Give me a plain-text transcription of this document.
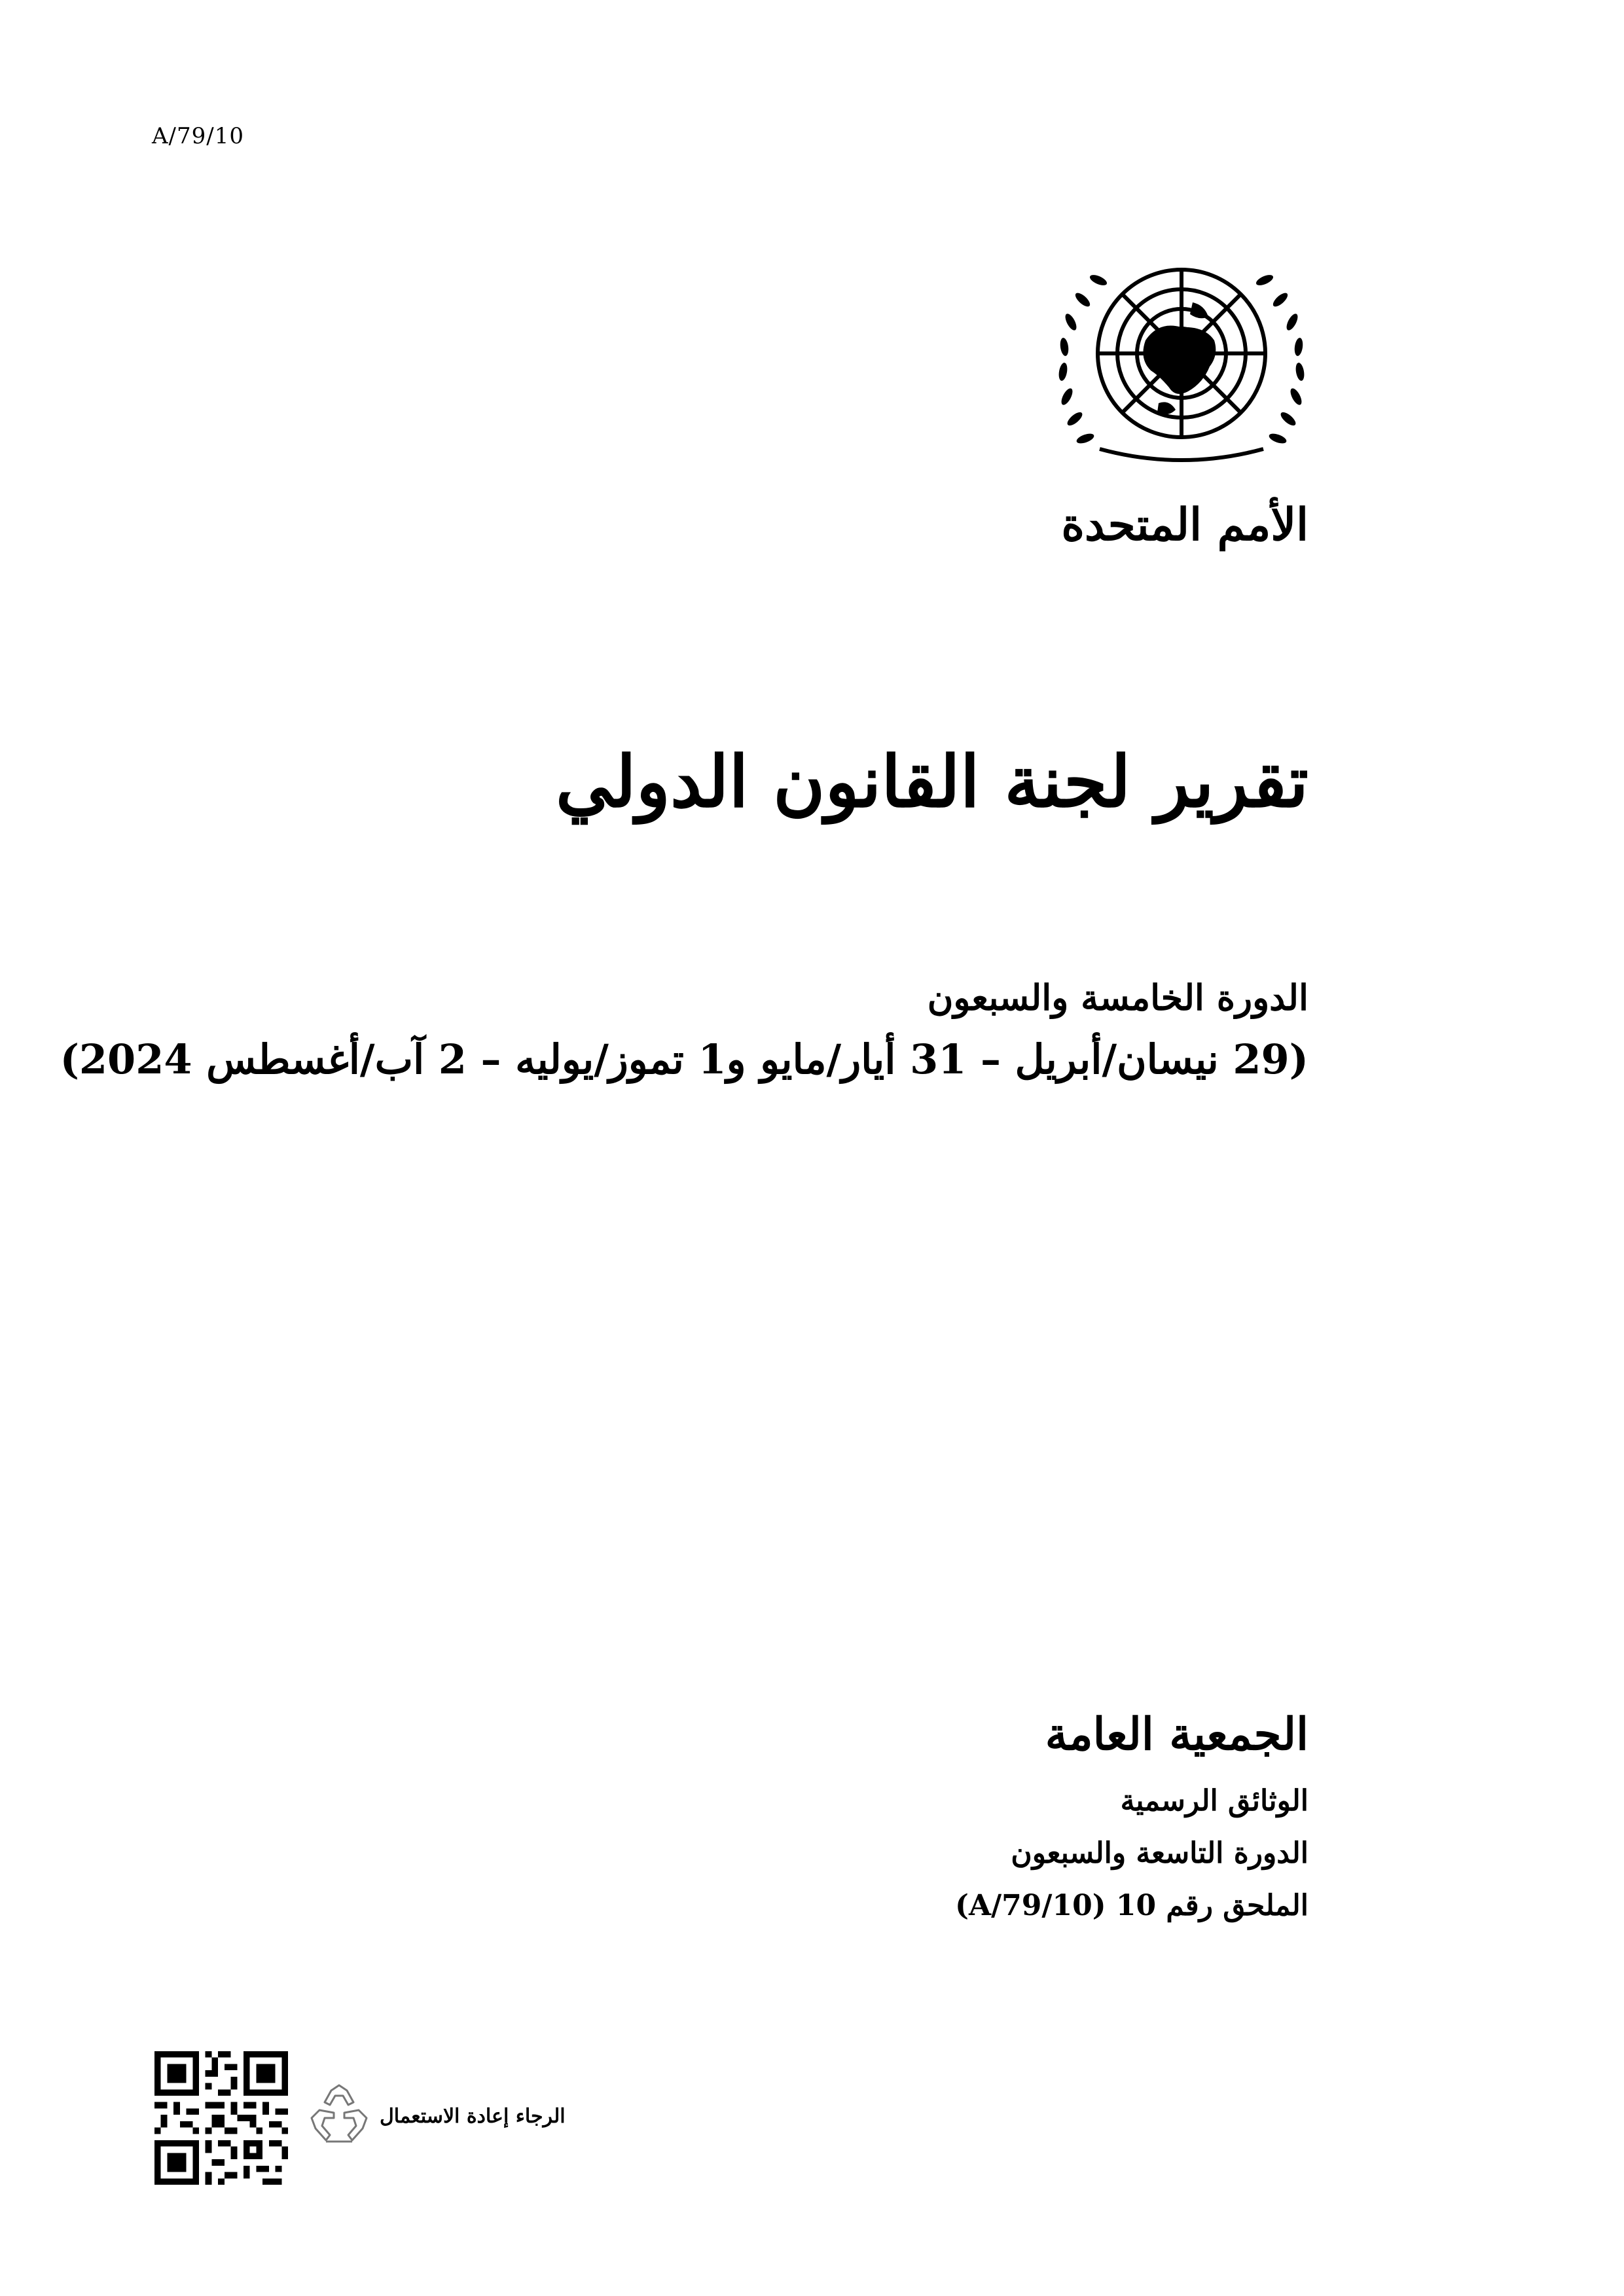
A/79/10
الأمم المتحدة
تقرير لجنة القانون الدولي
الدورة الخامسة والسبعون
(29 نيسان/أبريل – 31 أيار/مايو و1 تموز/يوليه – 2 آب/أغسطس 2024)
الجمعية العامة
الوثائق الرسمية
الدورة التاسعة والسبعون
الملحق رقم 10 (A/79/10)
الرجاء إعادة الاستعمال
